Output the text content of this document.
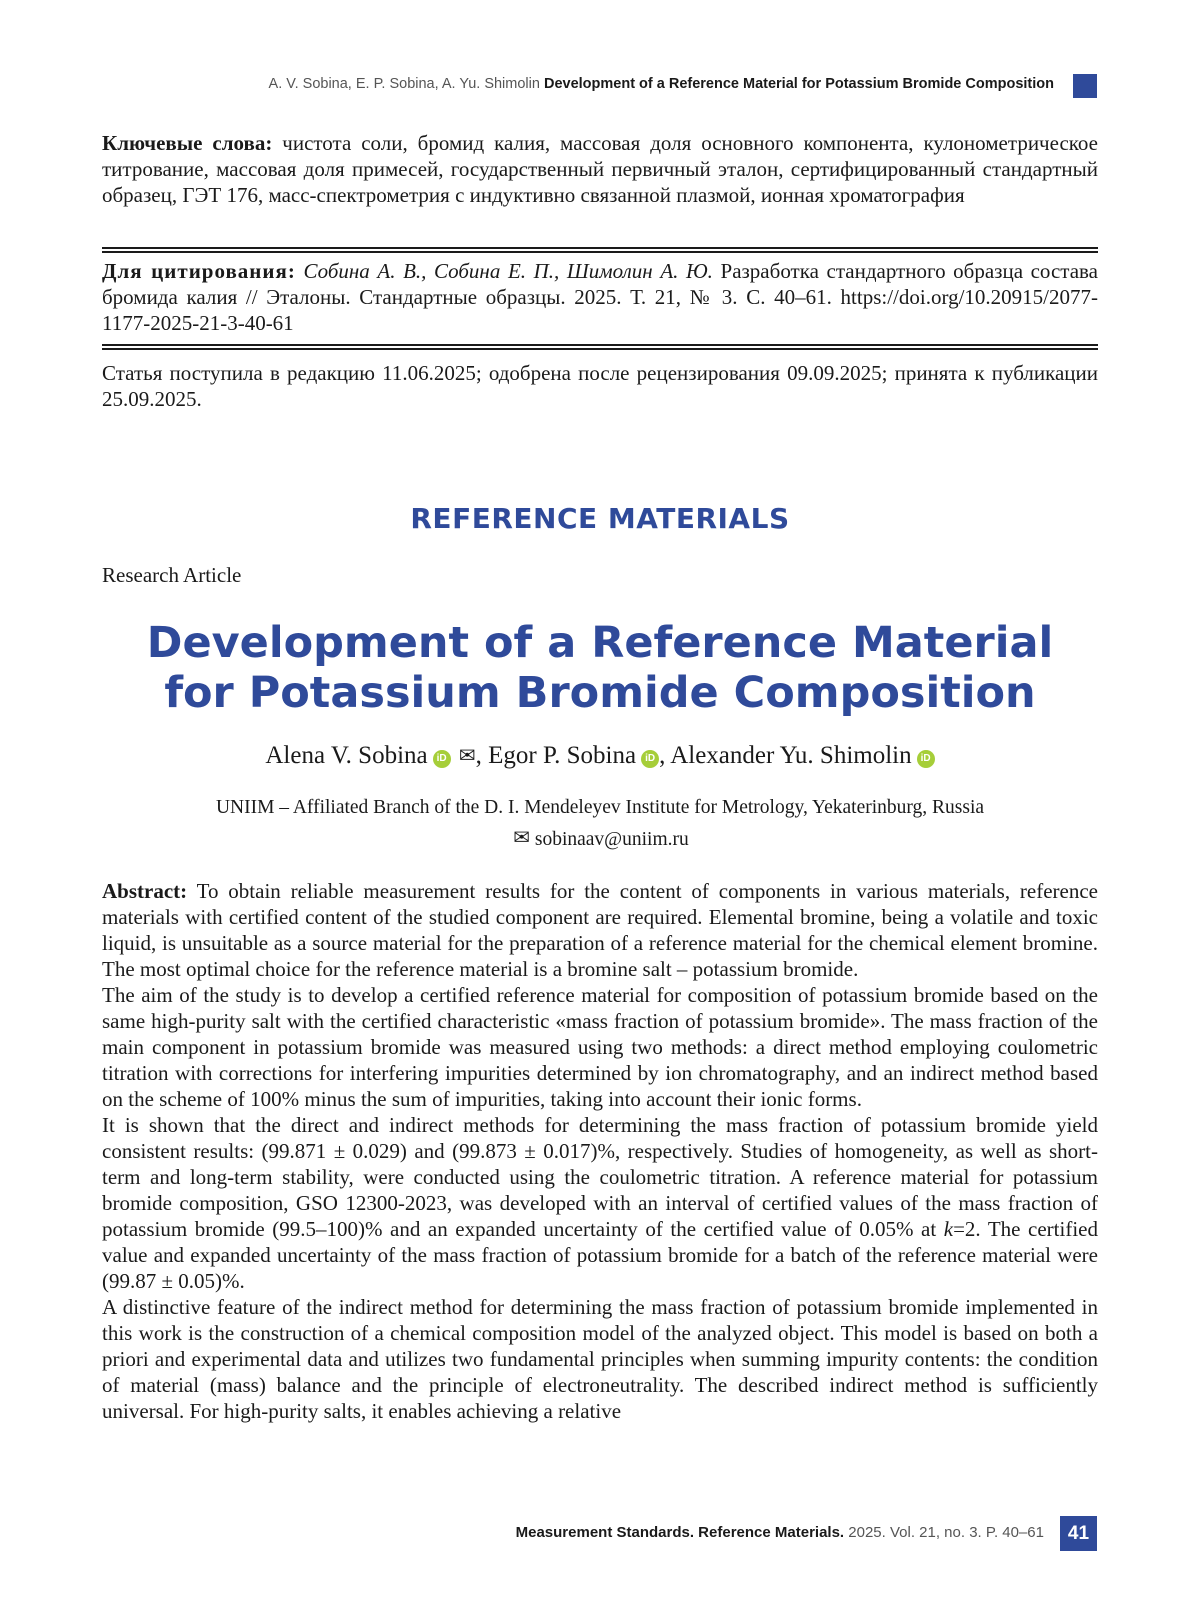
A. V. Sobina, E. P. Sobina, A. Yu. Shimolin Development of a Reference Material for Potassium Bromide Composition
Ключевые слова: чистота соли, бромид калия, массовая доля основного компонента, кулонометрическое титрование, массовая доля примесей, государственный первичный эталон, сертифицированный стандартный образец, ГЭТ 176, масс-спектрометрия с индуктивно связанной плазмой, ионная хроматография
Для цитирования: Собина А. В., Собина Е. П., Шимолин А. Ю. Разработка стандартного образца состава бромида калия // Эталоны. Стандартные образцы. 2025. Т. 21, № 3. С. 40–61. https://doi.org/10.20915/2077-1177-2025-21-3-40-61
Статья поступила в редакцию 11.06.2025; одобрена после рецензирования 09.09.2025; принята к публикации 25.09.2025.
REFERENCE MATERIALS
Research Article
Development of a Reference Material
for Potassium Bromide Composition
Alena V. Sobina iD ✉, Egor P. Sobina iD , Alexander Yu. Shimolin iD
UNIIM – Affiliated Branch of the D. I. Mendeleyev Institute for Metrology, Yekaterinburg, Russia
✉ sobinaav@uniim.ru

Abstract: To obtain reliable measurement results for the content of components in various materials, reference materials with certified content of the studied component are required. Elemental bromine, being a volatile and toxic liquid, is unsuitable as a source material for the preparation of a reference material for the chemical element bromine. The most optimal choice for the reference material is a bromine salt – potassium bromide.

The aim of the study is to develop a certified reference material for composition of potassium bromide based on the same high-purity salt with the certified characteristic «mass fraction of potassium bromide». The mass fraction of the main component in potassium bromide was measured using two methods: a direct method employing coulometric titration with corrections for interfering impurities determined by ion chromatography, and an indirect method based on the scheme of 100% minus the sum of impurities, taking into account their ionic forms.

It is shown that the direct and indirect methods for determining the mass fraction of potassium bromide yield consistent results: (99.871 ± 0.029) and (99.873 ± 0.017)%, respectively. Studies of homogeneity, as well as short-term and long-term stability, were conducted using the coulometric titration. A reference material for potassium bromide composition, GSO 12300-2023, was developed with an interval of certified values of the mass fraction of potassium bromide (99.5–100)% and an expanded uncertainty of the certified value of 0.05% at k=2. The certified value and expanded uncertainty of the mass fraction of potassium bromide for a batch of the reference material were (99.87 ± 0.05)%.

A distinctive feature of the indirect method for determining the mass fraction of potassium bromide implemented in this work is the construction of a chemical composition model of the analyzed object. This model is based on both a priori and experimental data and utilizes two fundamental principles when summing impurity contents: the condition of material (mass) balance and the principle of electroneutrality. The described indirect method is sufficiently universal. For high-purity salts, it enables achieving a relative

Measurement Standards. Reference Materials. 2025. Vol. 21, no. 3. P. 40–61	41
